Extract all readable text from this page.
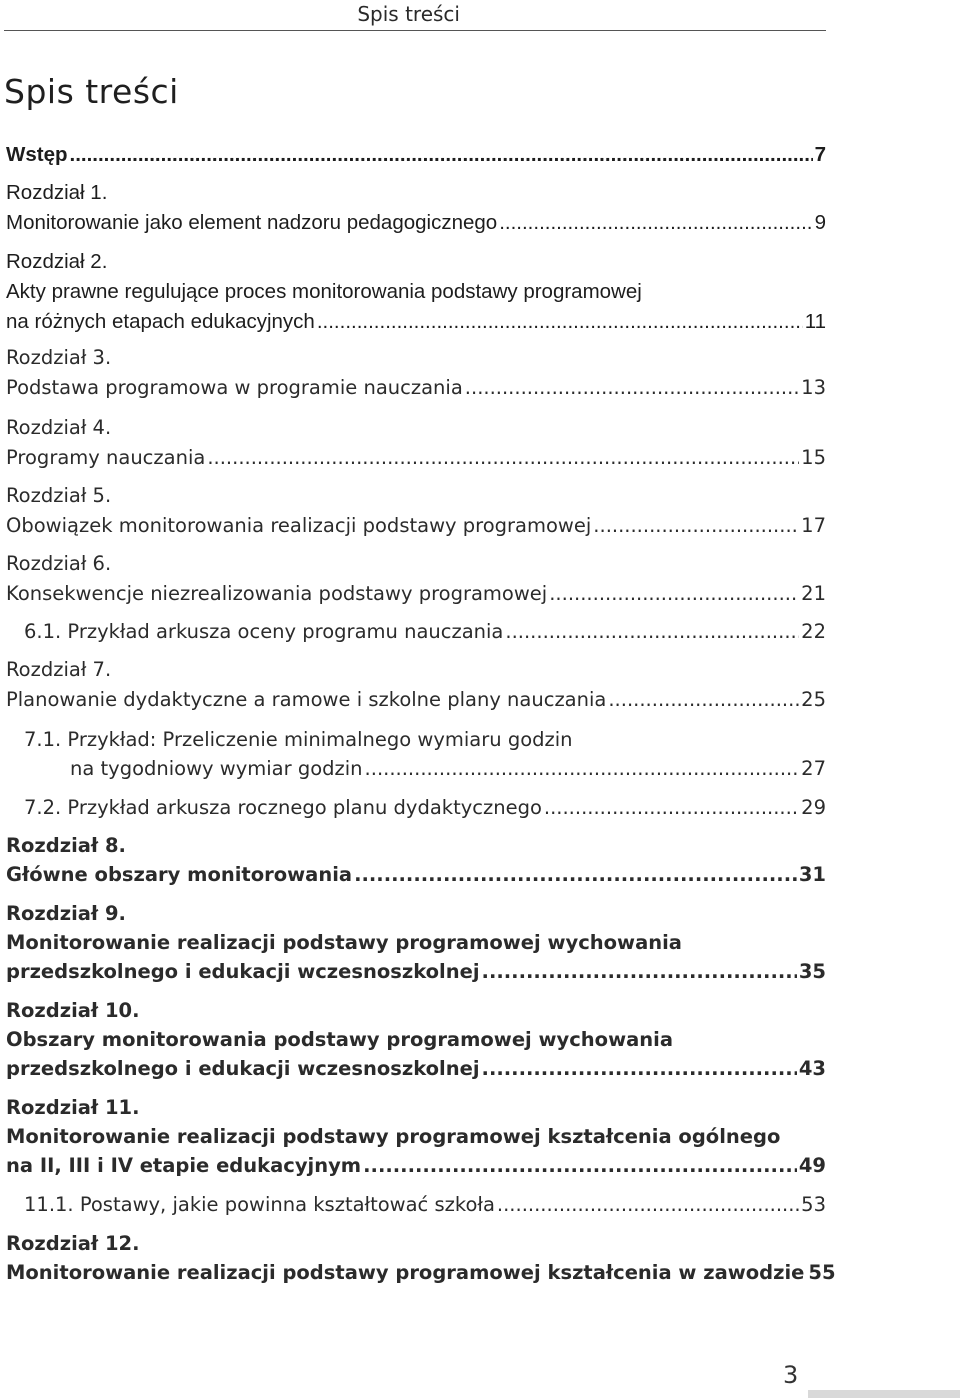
Spis treści
Spis treści
Wstęp .....	7
Rozdział 1.
Monitorowanie jako element nadzoru pedagogicznego .....	9
Rozdział 2.
Akty prawne regulujące proces monitorowania podstawy programowej
na różnych etapach edukacyjnych .....	11
Rozdział 3.
Podstawa programowa w programie nauczania .....	13
Rozdział 4.
Programy nauczania .....	15
Rozdział 5.
Obowiązek monitorowania realizacji podstawy programowej .....	17
Rozdział 6.
Konsekwencje niezrealizowania podstawy programowej .....	21
6.1. Przykład arkusza oceny programu nauczania .....	22
Rozdział 7.
Planowanie dydaktyczne a ramowe i szkolne plany nauczania .....	25
7.1. Przykład: Przeliczenie minimalnego wymiaru godzin
na tygodniowy wymiar godzin .....	27
7.2. Przykład arkusza rocznego planu dydaktycznego .....	29
Rozdział 8.
Główne obszary monitorowania .....	31
Rozdział 9.
Monitorowanie realizacji podstawy programowej wychowania
przedszkolnego i edukacji wczesnoszkolnej .....	35
Rozdział 10.
Obszary monitorowania podstawy programowej wychowania
przedszkolnego i edukacji wczesnoszkolnej .....	43
Rozdział 11.
Monitorowanie realizacji podstawy programowej kształcenia ogólnego
na II, III i IV etapie edukacyjnym .....	49
11.1. Postawy, jakie powinna kształtować szkoła .....	53
Rozdział 12.
Monitorowanie realizacji podstawy programowej kształcenia w zawodzie 55
3
